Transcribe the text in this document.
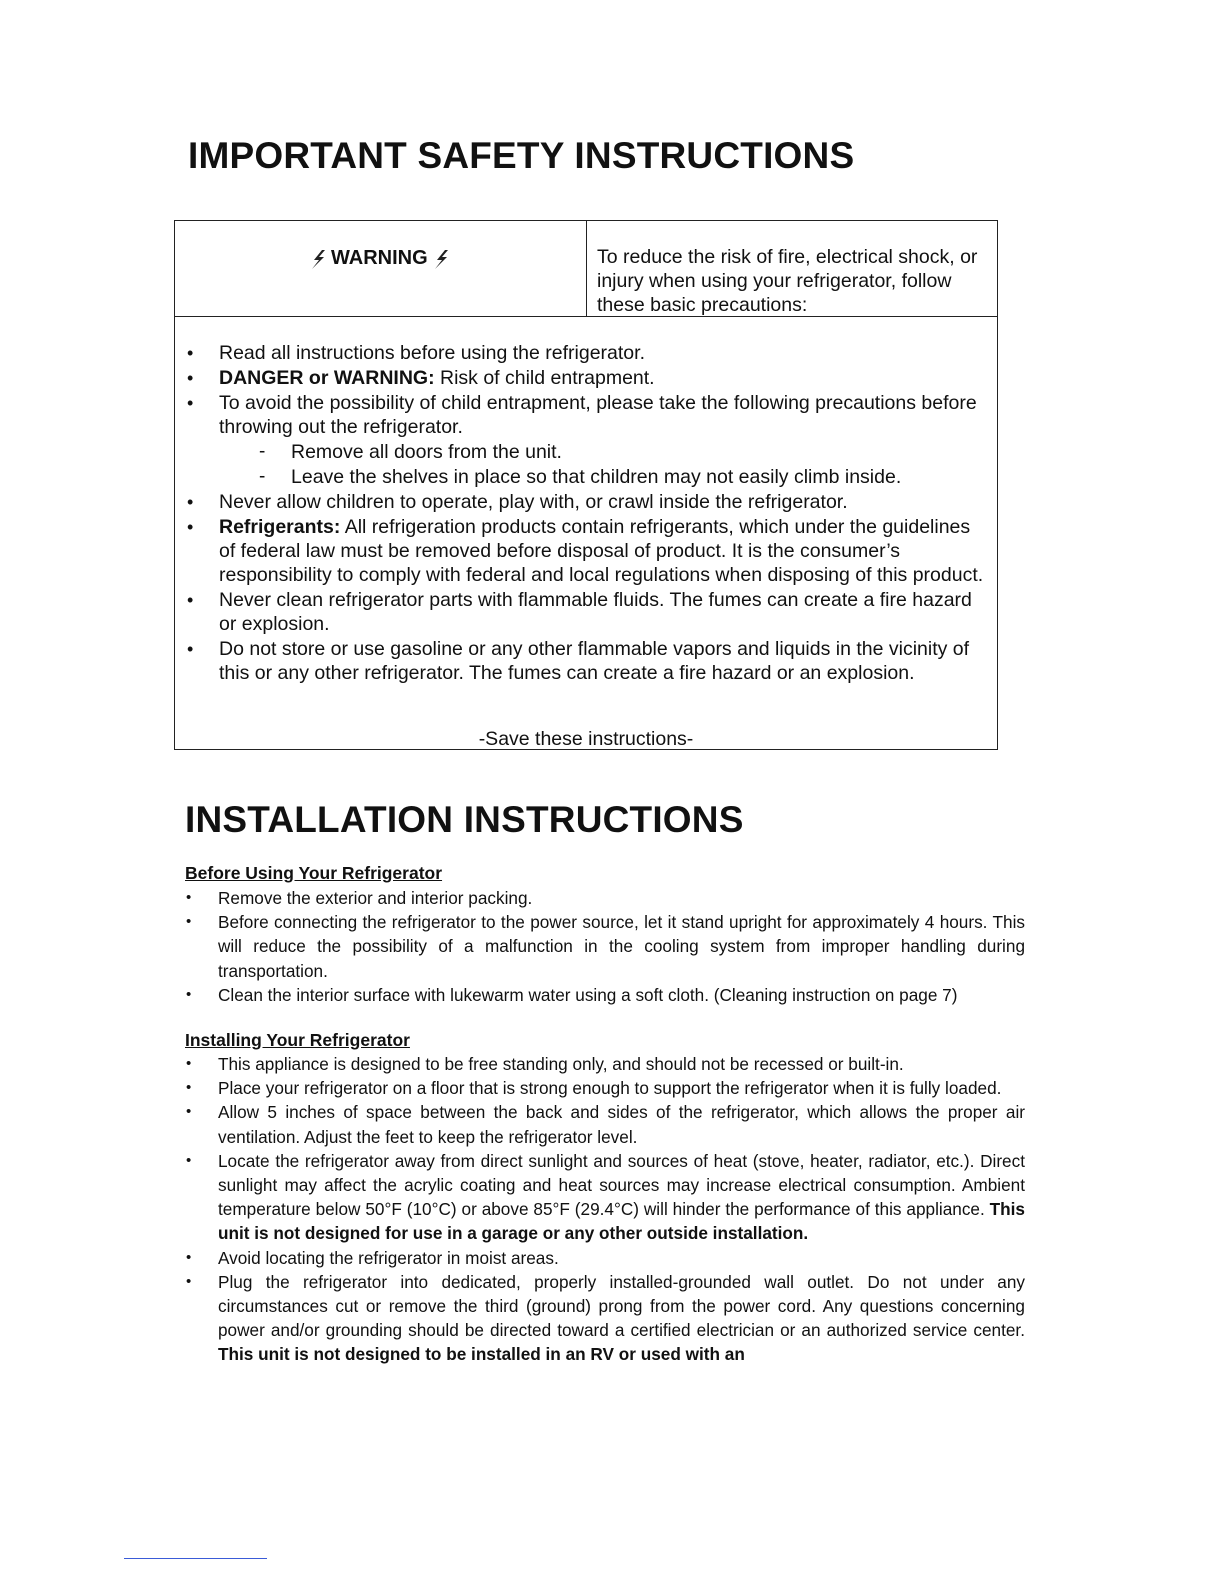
IMPORTANT SAFETY INSTRUCTIONS
WARNING	To reduce the risk of fire, electrical shock, or injury when using your refrigerator, follow these basic precautions:

• Read all instructions before using the refrigerator.
• DANGER or WARNING: Risk of child entrapment.
• To avoid the possibility of child entrapment, please take the following precautions before throwing out the refrigerator.
- Remove all doors from the unit.
- Leave the shelves in place so that children may not easily climb inside.
• Never allow children to operate, play with, or crawl inside the refrigerator.
• Refrigerants: All refrigeration products contain refrigerants, which under the guidelines of federal law must be removed before disposal of product. It is the consumer’s responsibility to comply with federal and local regulations when disposing of this product.
• Never clean refrigerator parts with flammable fluids. The fumes can create a fire hazard or explosion.
• Do not store or use gasoline or any other flammable vapors and liquids in the vicinity of this or any other refrigerator. The fumes can create a fire hazard or an explosion.
-Save these instructions-
INSTALLATION INSTRUCTIONS

Before Using Your Refrigerator

• Remove the exterior and interior packing.
• Before connecting the refrigerator to the power source, let it stand upright for approximately 4 hours. This will reduce the possibility of a malfunction in the cooling system from improper handling during transportation.
• Clean the interior surface with lukewarm water using a soft cloth. (Cleaning instruction on page 7)

Installing Your Refrigerator

• This appliance is designed to be free standing only, and should not be recessed or built-in.
• Place your refrigerator on a floor that is strong enough to support the refrigerator when it is fully loaded.
• Allow 5 inches of space between the back and sides of the refrigerator, which allows the proper air ventilation. Adjust the feet to keep the refrigerator level.
• Locate the refrigerator away from direct sunlight and sources of heat (stove, heater, radiator, etc.). Direct sunlight may affect the acrylic coating and heat sources may increase electrical consumption. Ambient temperature below 50°F (10°C) or above 85°F (29.4°C) will hinder the performance of this appliance. This unit is not designed for use in a garage or any other outside installation.
• Avoid locating the refrigerator in moist areas.
• Plug the refrigerator into dedicated, properly installed-grounded wall outlet. Do not under any circumstances cut or remove the third (ground) prong from the power cord. Any questions concerning power and/or grounding should be directed toward a certified electrician or an authorized service center. This unit is not designed to be installed in an RV or used with an
